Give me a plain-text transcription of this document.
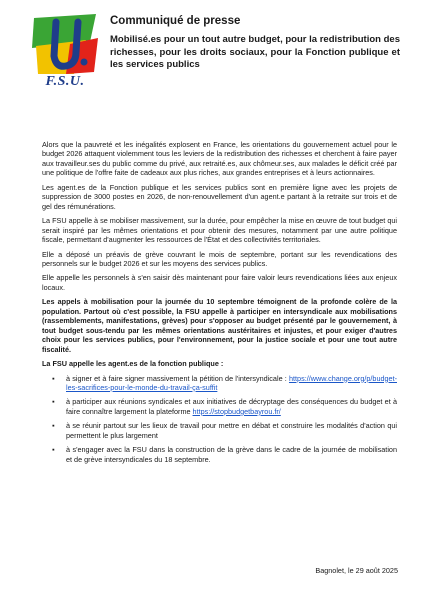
F.S.U.

Communiqué de presse

Mobilisé.es pour un tout autre budget, pour la redistribution des richesses, pour les droits sociaux, pour la Fonction publique et les services publics

Alors que la pauvreté et les inégalités explosent en France, les orientations du gouvernement actuel pour le budget 2026 attaquent violemment tous les leviers de la redistribution des richesses et cherchent à faire payer aux travailleur.ses du public comme du privé, aux retraité.es, aux chômeur.ses, aux malades le déficit créé par une politique de l'offre faite de cadeaux aux plus riches, aux grandes entreprises et à leurs actionnaires.

Les agent.es de la Fonction publique et les services publics sont en première ligne avec les projets de suppression de 3000 postes en 2026, de non-renouvellement d'un agent.e partant à la retraite sur trois et de gel des rémunérations.

La FSU appelle à se mobiliser massivement, sur la durée, pour empêcher la mise en œuvre de tout budget qui serait inspiré par les mêmes orientations et pour obtenir des mesures, notamment par une autre politique fiscale, permettant d'augmenter les ressources de l'État et des collectivités territoriales.

Elle a déposé un préavis de grève couvrant le mois de septembre, portant sur les revendications des personnels sur le budget 2026 et sur les moyens des services publics.

Elle appelle les personnels à s'en saisir dès maintenant pour faire valoir leurs revendications liées aux enjeux locaux.

Les appels à mobilisation pour la journée du 10 septembre témoignent de la profonde colère de la population. Partout où c'est possible, la FSU appelle à participer en intersyndicale aux mobilisations (rassemblements, manifestations, grèves) pour s'opposer au budget présenté par le gouvernement, à tout budget sous-tendu par les mêmes orientations austéritaires et injustes, et pour exiger d'autres choix pour les services publics, pour l'environnement, pour la justice sociale et pour une tout autre fiscalité.

La FSU appelle les agent.es de la fonction publique :

▪ à signer et à faire signer massivement la pétition de l'intersyndicale : https://www.change.org/p/budget-les-sacrifices-pour-le-monde-du-travail-ça-suffit
▪ à participer aux réunions syndicales et aux initiatives de décryptage des conséquences du budget et à faire connaître largement la plateforme https://stopbudgetbayrou.fr/
▪ à se réunir partout sur les lieux de travail pour mettre en débat et construire les modalités d'action qui permettent le plus largement
▪ à s'engager avec la FSU dans la construction de la grève dans le cadre de la journée de mobilisation et de grève intersyndicales du 18 septembre.
Bagnolet, le 29 août 2025
